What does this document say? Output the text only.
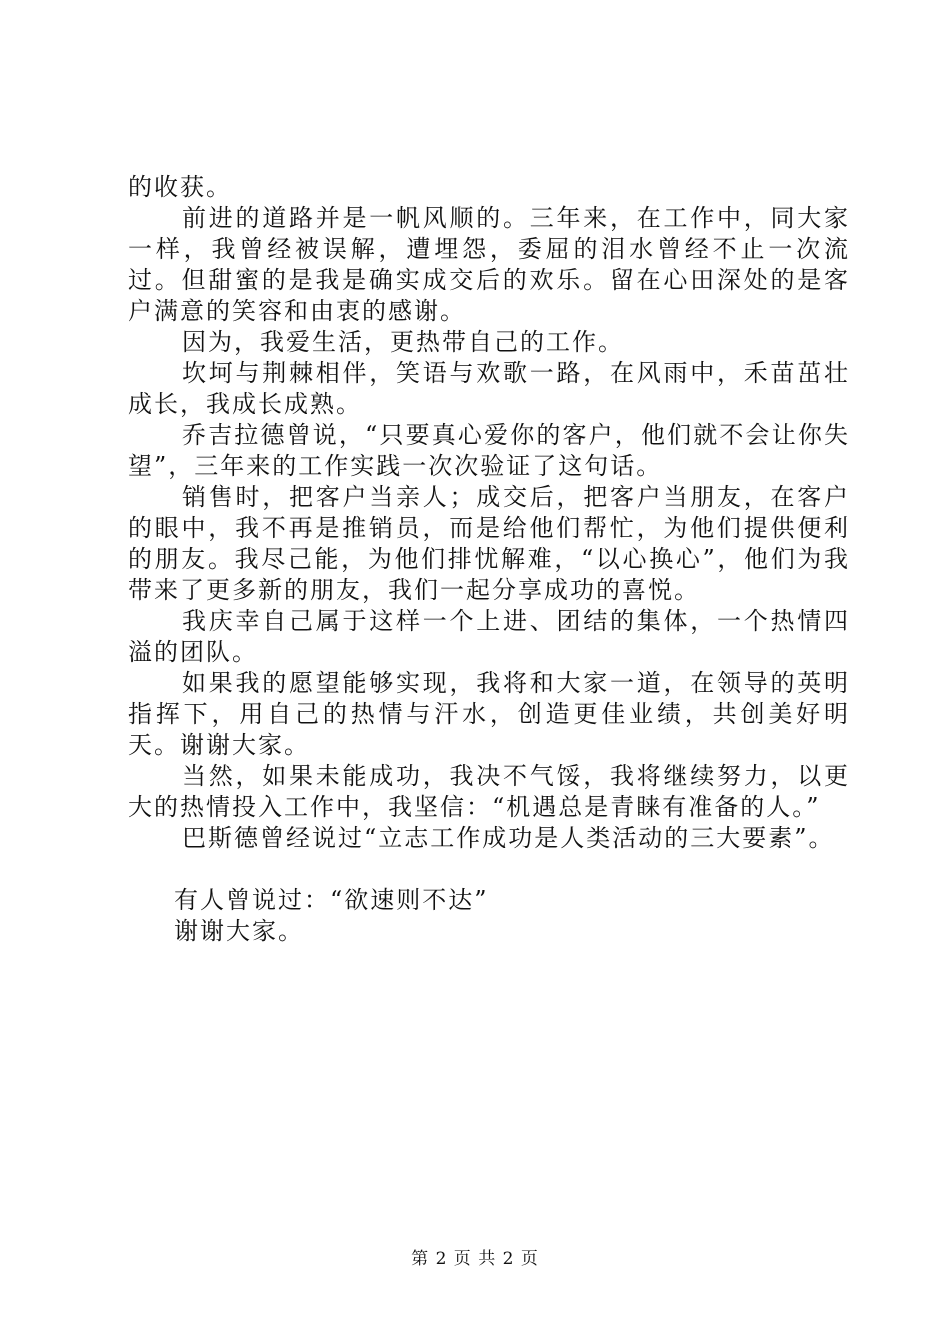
的收获。

前进的道路并是一帆风顺的。三年来，在工作中，同大家一样，我曾经被误解，遭埋怨，委屈的泪水曾经不止一次流过。但甜蜜的是我是确实成交后的欢乐。留在心田深处的是客户满意的笑容和由衷的感谢。

因为，我爱生活，更热带自己的工作。

坎坷与荆棘相伴，笑语与欢歌一路，在风雨中，禾苗茁壮成长，我成长成熟。

乔吉拉德曾说，“只要真心爱你的客户，他们就不会让你失望”，三年来的工作实践一次次验证了这句话。

销售时，把客户当亲人；成交后，把客户当朋友，在客户的眼中，我不再是推销员，而是给他们帮忙，为他们提供便利的朋友。我尽己能，为他们排忧解难，“以心换心”，他们为我带来了更多新的朋友，我们一起分享成功的喜悦。

我庆幸自己属于这样一个上进、团结的集体，一个热情四溢的团队。

如果我的愿望能够实现，我将和大家一道，在领导的英明指挥下，用自己的热情与汗水，创造更佳业绩，共创美好明天。谢谢大家。

当然，如果未能成功，我决不气馁，我将继续努力，以更大的热情投入工作中，我坚信：“机遇总是青睐有准备的人。”

巴斯德曾经说过“立志工作成功是人类活动的三大要素”。

有人曾说过：“欲速则不达”

谢谢大家。

第 2 页 共 2 页
